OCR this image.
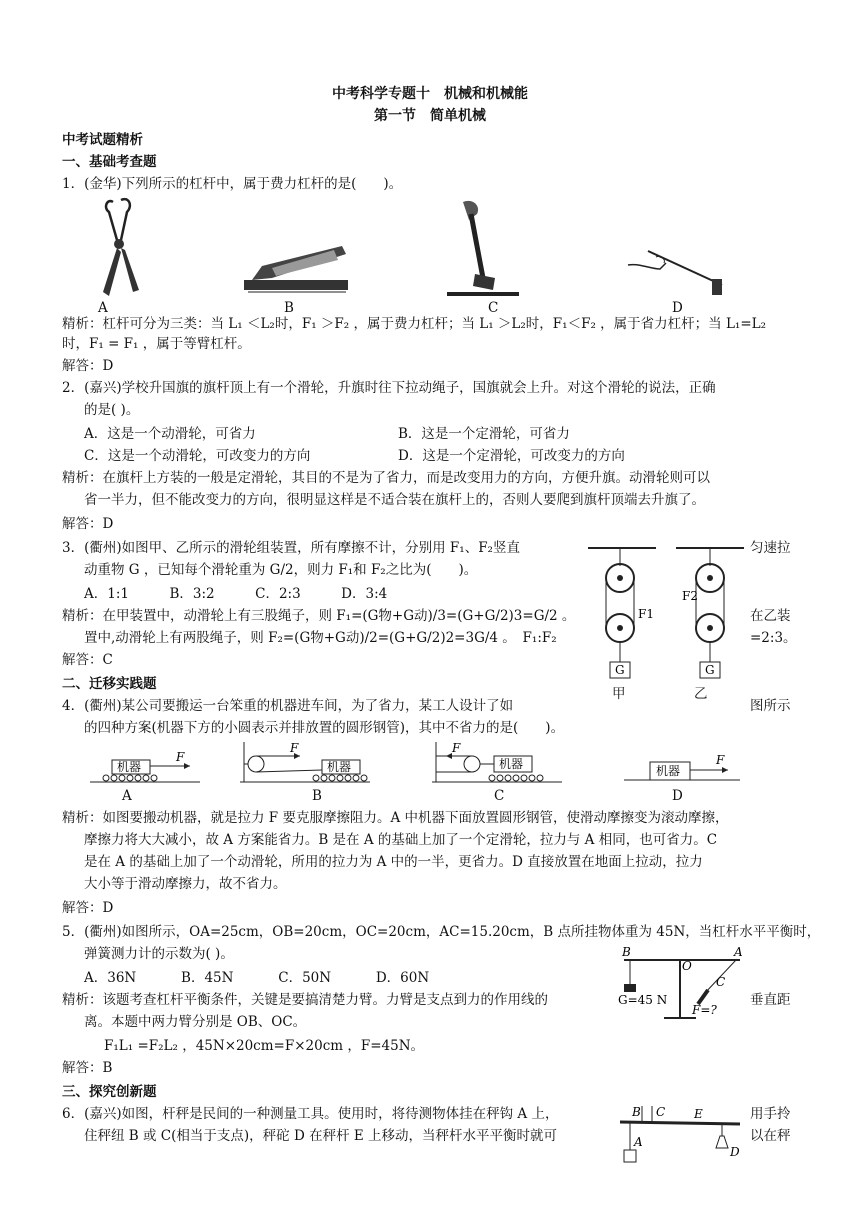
中考科学专题十　机械和机械能
第一节　简单机械
中考试题精析
一、基础考查题
1．(金华)下列所示的杠杆中，属于费力杠杆的是(　　)。
A	B	C	D
精析：杠杆可分为三类：当 L₁ ＜L₂时，F₁ ＞F₂ ，属于费力杠杆；当 L₁ ＞L₂时，F₁＜F₂ ，属于省力杠杆；当 L₁=L₂
时，F₁ = F₁ ，属于等臂杠杆。
解答：D
2．(嘉兴)学校升国旗的旗杆顶上有一个滑轮，升旗时往下拉动绳子，国旗就会上升。对这个滑轮的说法，正确
的是( )。
A．这是一个动滑轮，可省力	B．这是一个定滑轮，可省力
C．这是一个动滑轮，可改变力的方向	D．这是一个定滑轮，可改变力的方向
精析：在旗杆上方装的一般是定滑轮，其目的不是为了省力，而是改变用力的方向，方便升旗。动滑轮则可以
省一半力，但不能改变力的方向，很明显这样是不适合装在旗杆上的，否则人要爬到旗杆顶端去升旗了。
解答：D
3．(衢州)如图甲、乙所示的滑轮组装置，所有摩擦不计，分别用 F₁、F₂竖直	匀速拉
动重物 G ，已知每个滑轮重为 G/2，则力 F₁和 F₂之比为(　　)。
A．1:1　　　B．3:2　　　C．2:3　　　D．3:4
精析：在甲装置中，动滑轮上有三股绳子，则 F₁=(G物+G动)/3=(G+G/2)3=G/2 。	在乙装
置中,动滑轮上有两股绳子，则 F₂=(G物+G动)/2=(G+G/2)2=3G/4 。　F₁:F₂	=2:3。
解答：C
G
F1
G
F2
甲	乙
二、迁移实践题
4．(衢州)某公司要搬运一台笨重的机器进车间，为了省力，某工人设计了如	图所示
的四种方案(机器下方的小圆表示并排放置的圆形钢管)，其中不省力的是(　　)。
机器
F
F
机器
F
机器	机器
F
A	B	C	D
精析：如图要搬动机器，就是拉力 F 要克服摩擦阻力。A 中机器下面放置圆形钢管，使滑动摩擦变为滚动摩擦，
摩擦力将大大减小，故 A 方案能省力。B 是在 A 的基础上加了一个定滑轮，拉力与 A 相同，也可省力。C
是在 A 的基础上加了一个动滑轮，所用的拉力为 A 中的一半，更省力。D 直接放置在地面上拉动，拉力
大小等于滑动摩擦力，故不省力。
解答：D
5．(衢州)如图所示，OA=25cm，OB=20cm，OC=20cm，AC=15.20cm，B 点所挂物体重为 45N，当杠杆水平平衡时，
弹簧测力计的示数为( )。
A．36N　　　 B．45N　　　 C．50N　　　 D．60N
精析：该题考查杠杆平衡条件，关键是要搞清楚力臂。力臂是支点到力的作用线的	垂直距
离。本题中两力臂分别是 OB、OC。
F₁L₁ =F₂L₂ ，45N×20cm=F×20cm ，F=45N。
解答：B
B
O
A
C
G=45 N
F=?
三、探究创新题
6．(嘉兴)如图，杆秤是民间的一种测量工具。使用时，将待测物体挂在秤钩 A 上，	用手拎
住秤纽 B 或 C(相当于支点)，秤砣 D 在秤杆 E 上移动，当秤杆水平平衡时就可	以在秤
B C E
A
D
